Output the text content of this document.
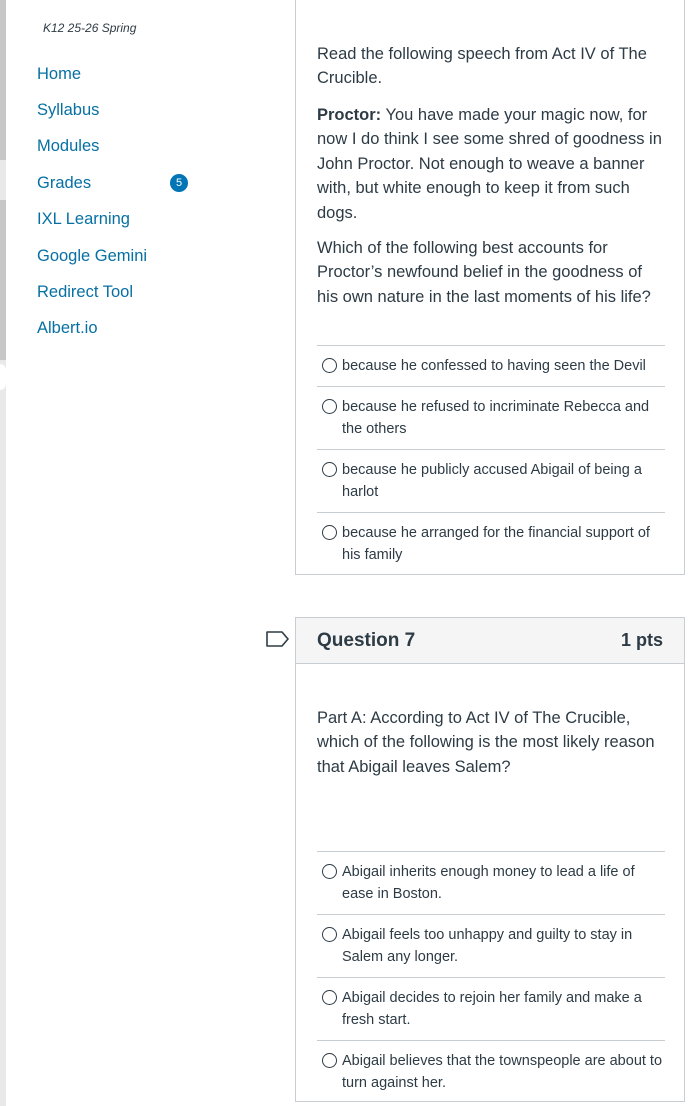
K12 25-26 Spring
Home
Syllabus
Modules
Grades	5
IXL Learning
Google Gemini
Redirect Tool
Albert.io

Read the following speech from Act IV of The Crucible.

Proctor: You have made your magic now, for now I do think I see some shred of goodness in John Proctor. Not enough to weave a banner with, but white enough to keep it from such dogs.

Which of the following best accounts for Proctor’s newfound belief in the goodness of his own nature in the last moments of his life?

because he confessed to having seen the Devil
because he refused to incriminate Rebecca and the others
because he publicly accused Abigail of being a harlot
because he arranged for the financial support of his family
Question 7	1 pts

Part A: According to Act IV of The Crucible, which of the following is the most likely reason that Abigail leaves Salem?

Abigail inherits enough money to lead a life of ease in Boston.
Abigail feels too unhappy and guilty to stay in Salem any longer.
Abigail decides to rejoin her family and make a fresh start.
Abigail believes that the townspeople are about to turn against her.
